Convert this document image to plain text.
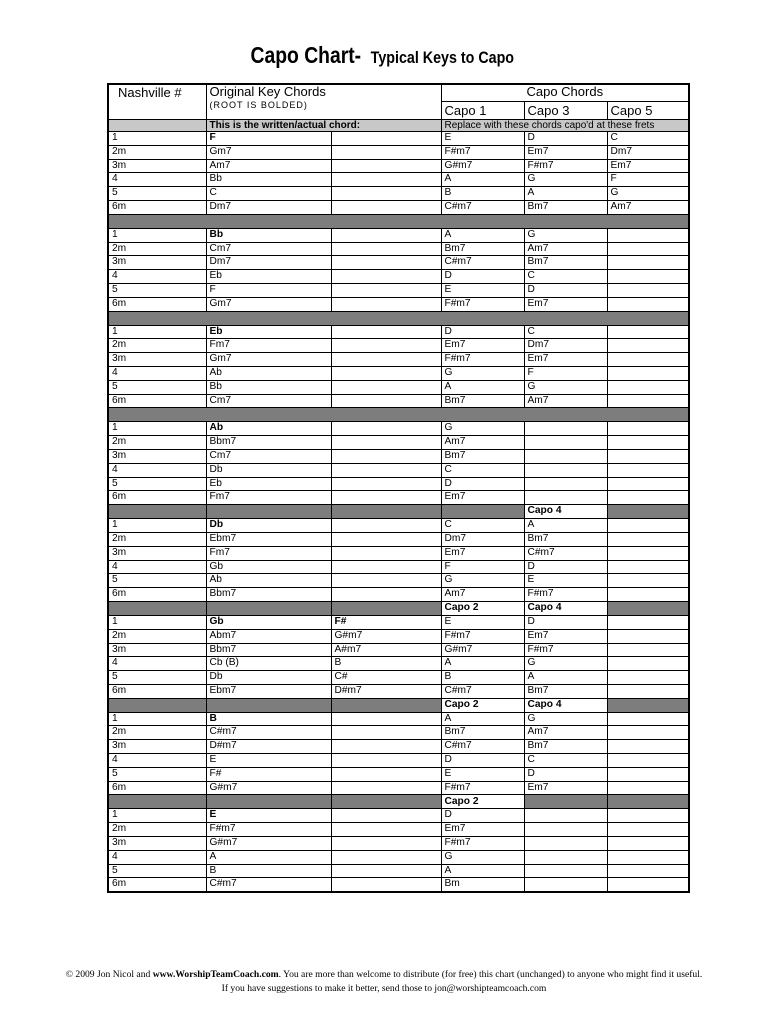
Capo Chart- Typical Keys to Capo
Nashville #	Original Key Chords
(ROOT IS BOLDED)		Capo Chords		
			Capo 1	Capo 3	Capo 5
	This is the written/actual chord:		Replace with these chords capo'd at these frets		
1	F		E	D	C
2m	Gm7		F#m7	Em7	Dm7
3m	Am7		G#m7	F#m7	Em7
4	Bb		A	G	F
5	C		B	A	G
6m	Dm7		C#m7	Bm7	Am7

1	Bb		A	G	
2m	Cm7		Bm7	Am7	
3m	Dm7		C#m7	Bm7	
4	Eb		D	C	
5	F		E	D	
6m	Gm7		F#m7	Em7	

1	Eb		D	C	
2m	Fm7		Em7	Dm7	
3m	Gm7		F#m7	Em7	
4	Ab		G	F	
5	Bb		A	G	
6m	Cm7		Bm7	Am7	

1	Ab		G		
2m	Bbm7		Am7		
3m	Cm7		Bm7		
4	Db		C		
5	Eb		D		
6m	Fm7		Em7		
				Capo 4	
1	Db		C	A	
2m	Ebm7		Dm7	Bm7	
3m	Fm7		Em7	C#m7	
4	Gb		F	D	
5	Ab		G	E	
6m	Bbm7		Am7	F#m7	
			Capo 2	Capo 4	
1	Gb	F#	E	D	
2m	Abm7	G#m7	F#m7	Em7	
3m	Bbm7	A#m7	G#m7	F#m7	
4	Cb (B)	B	A	G	
5	Db	C#	B	A	
6m	Ebm7	D#m7	C#m7	Bm7	
			Capo 2	Capo 4	
1	B		A	G	
2m	C#m7		Bm7	Am7	
3m	D#m7		C#m7	Bm7	
4	E		D	C	
5	F#		E	D	
6m	G#m7		F#m7	Em7	
			Capo 2		
1	E		D		
2m	F#m7		Em7		
3m	G#m7		F#m7		
4	A		G		
5	B		A		
6m	C#m7		Bm		
© 2009 Jon Nicol and www.WorshipTeamCoach.com. You are more than welcome to distribute (for free) this chart (unchanged) to anyone who might find it useful.
If you have suggestions to make it better, send those to jon@worshipteamcoach.com
